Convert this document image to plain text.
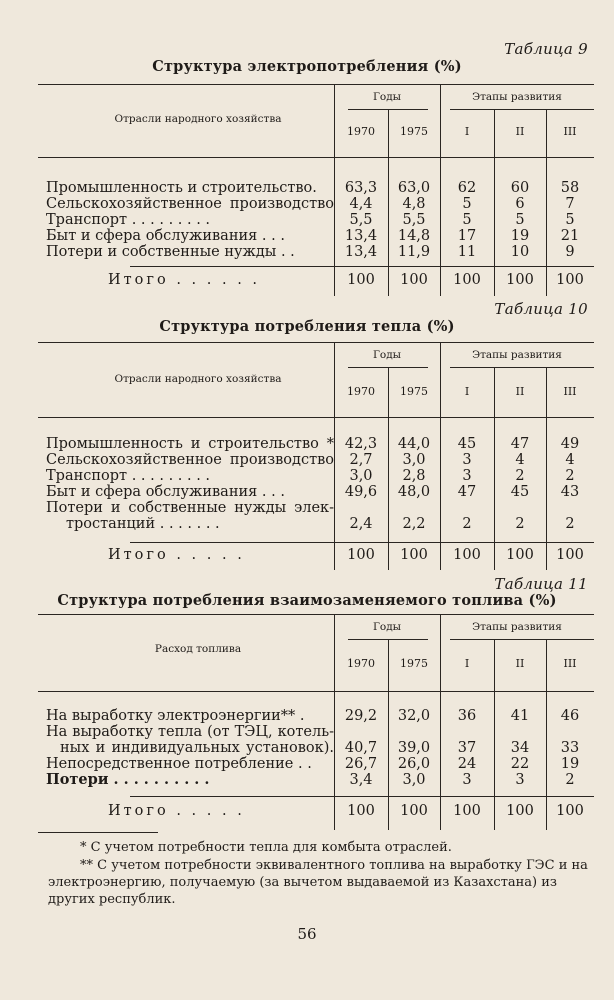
Таблица 9
Структура электропотребления (%)
Отрасли народного хозяйства
Годы	Этапы развития
1970	1975	I	II	III
Промышленность и строительство.	63,3	63,0	62	60	58
Сельскохозяйственное производство	4,4	4,8	5	6	7
Транспорт . . . . . . . . .	5,5	5,5	5	5	5
Быт и сфера обслуживания . . .	13,4	14,8	17	19	21
Потери и собственные нужды . .	13,4	11,9	11	10	9
Итого . . . . . .	100	100	100	100	100
Таблица 10
Структура потребления тепла (%)
Отрасли народного хозяйства
Годы	Этапы развития
1970	1975	I	II	III
Промышленность и строительство * 42,3	44,0	45	47	49
Сельскохозяйственное производство	2,7	3,0	3	4	4
Транспорт . . . . . . . . .	3,0	2,8	3	2	2
Быт и сфера обслуживания . . .	49,6	48,0	47	45	43
Потери и собственные нужды элек-
тростанций . . . . . . .	2,4	2,2	2	2	2
Итого . . . . .	100	100	100	100	100
Таблица 11
Структура потребления взаимозаменяемого топлива (%)
Расход топлива
Годы	Этапы развития
1970	1975	I	II	III
На выработку электроэнергии** .	29,2	32,0	36	41	46
На выработку тепла (от ТЭЦ, котель-
ных и индивидуальных установок). 40,7	39,0	37	34	33
Непосредственное потребление . .	26,7	26,0	24	22	19
Потери . . . . . . . . . .	3,4	3,0	3	3	2
Итого . . . . .	100	100	100	100	100
* С учетом потребности тепла для комбыта отраслей.
** С учетом потребности эквивалентного топлива на выработку ГЭС и на электроэнергию, получаемую (за вычетом выдаваемой из Казахстана) из других республик.
56
